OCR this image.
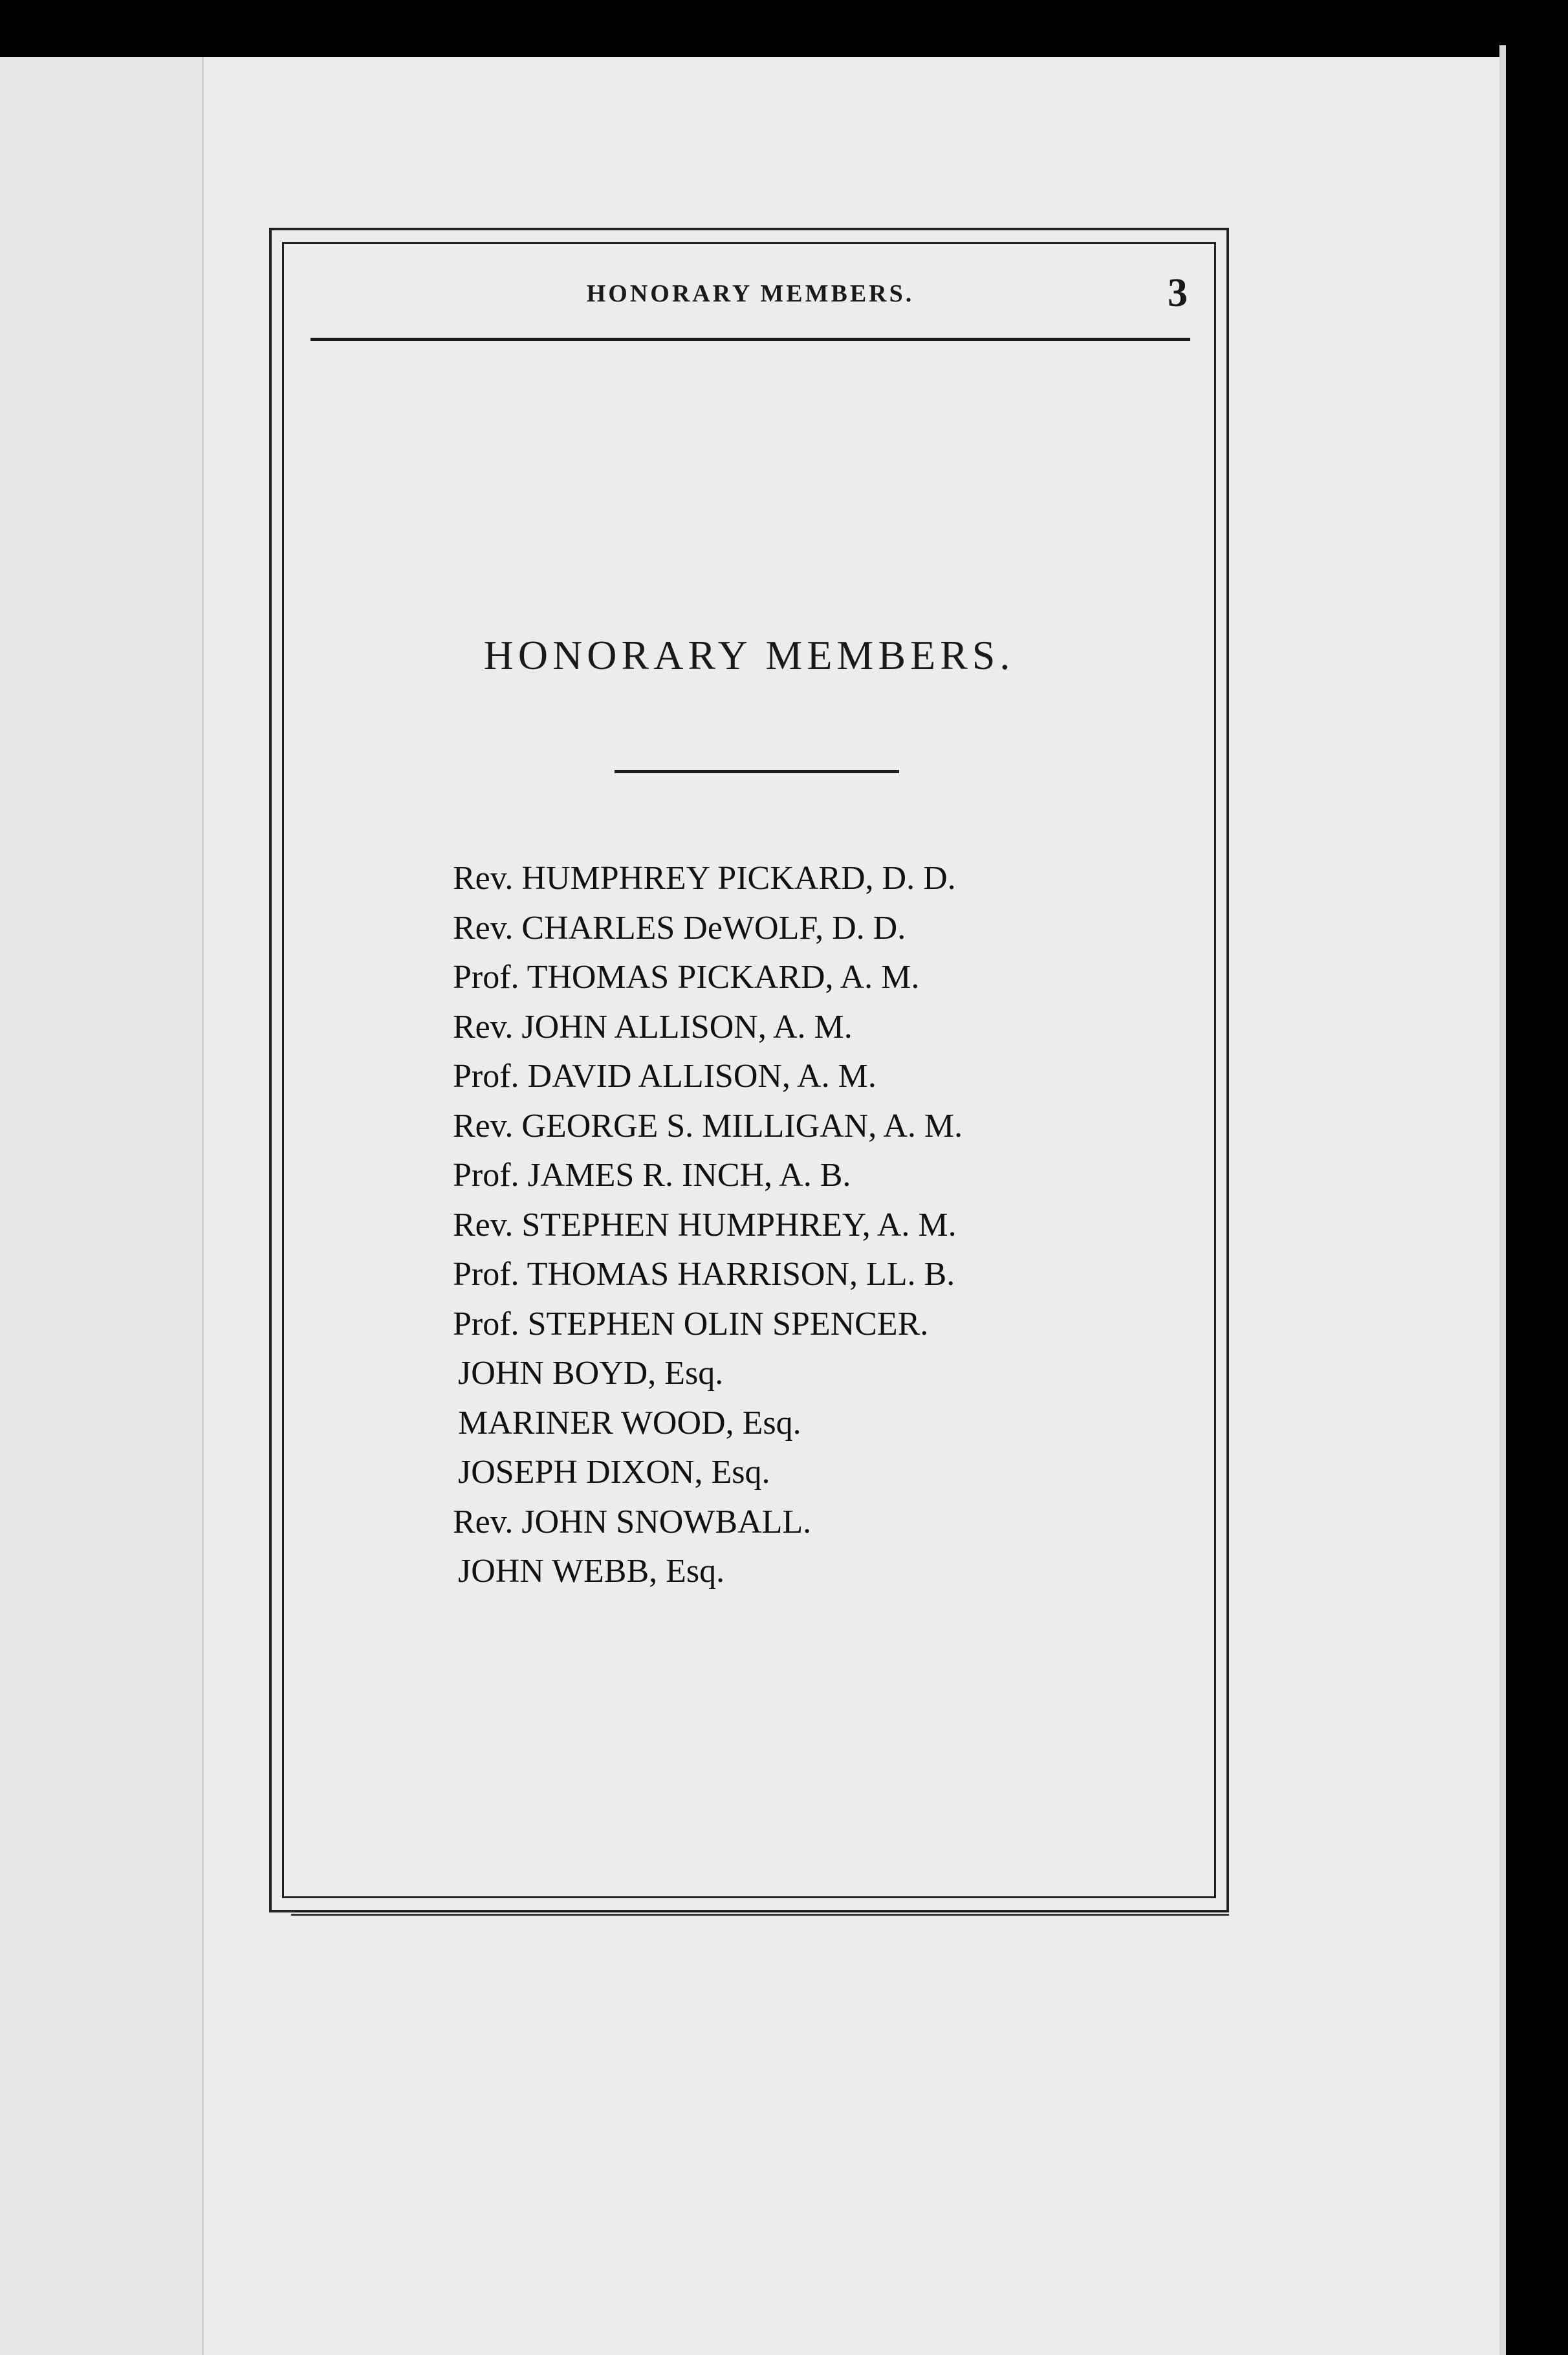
HONORARY MEMBERS.	3
HONORARY MEMBERS.
Rev. HUMPHREY PICKARD, D. D.
Rev. CHARLES DeWOLF, D. D.
Prof. THOMAS PICKARD, A. M.
Rev. JOHN ALLISON, A. M.
Prof. DAVID ALLISON, A. M.
Rev. GEORGE S. MILLIGAN, A. M.
Prof. JAMES R. INCH, A. B.
Rev. STEPHEN HUMPHREY, A. M.
Prof. THOMAS HARRISON, LL. B.
Prof. STEPHEN OLIN SPENCER.
JOHN BOYD, Esq.
MARINER WOOD, Esq.
JOSEPH DIXON, Esq.
Rev. JOHN SNOWBALL.
JOHN WEBB, Esq.
